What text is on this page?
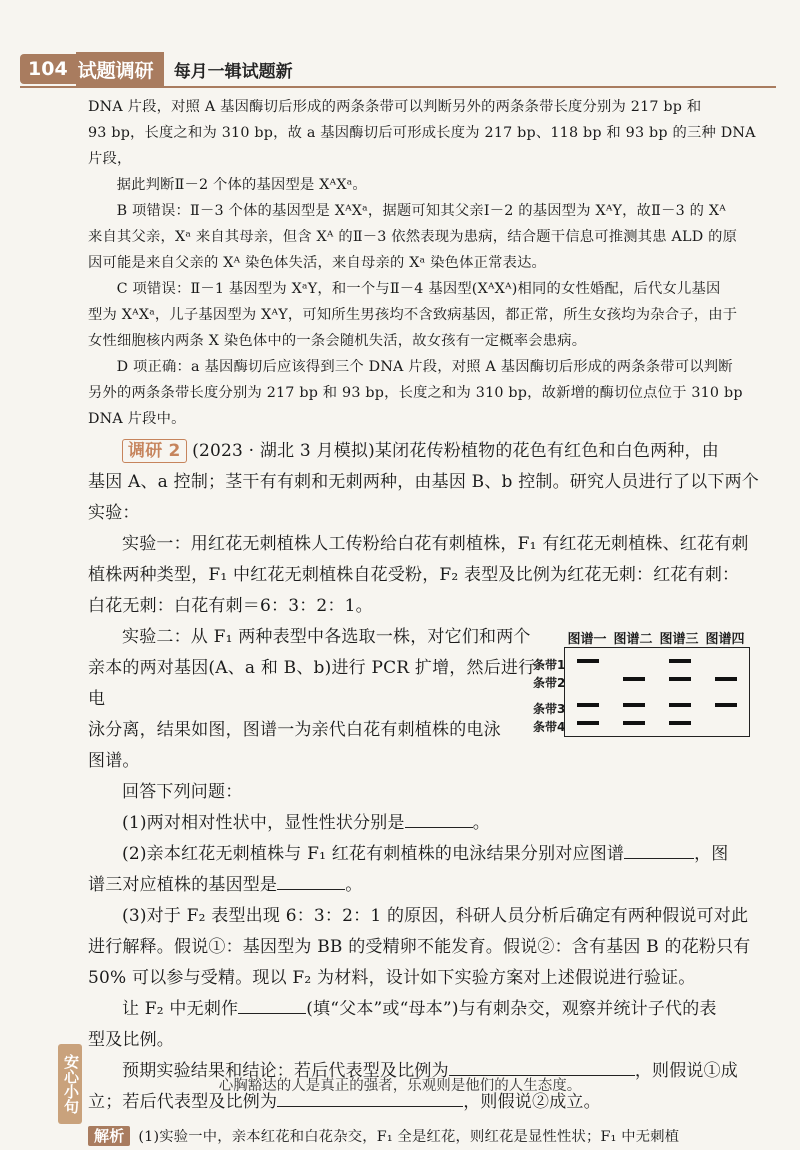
104 试题调研	每月一辑试题新

DNA 片段，对照 A 基因酶切后形成的两条条带可以判断另外的两条条带长度分别为 217 bp 和

93 bp，长度之和为 310 bp，故 a 基因酶切后可形成长度为 217 bp、118 bp 和 93 bp 的三种 DNA 片段，

据此判断Ⅱ－2 个体的基因型是 XᴬXᵃ。

B 项错误：Ⅱ－3 个体的基因型是 XᴬXᵃ，据题可知其父亲Ⅰ－2 的基因型为 XᴬY，故Ⅱ－3 的 Xᴬ

来自其父亲，Xᵃ 来自其母亲，但含 Xᴬ 的Ⅱ－3 依然表现为患病，结合题干信息可推测其患 ALD 的原

因可能是来自父亲的 Xᴬ 染色体失活，来自母亲的 Xᵃ 染色体正常表达。

C 项错误：Ⅱ－1 基因型为 XᵃY，和一个与Ⅱ－4 基因型(XᴬXᴬ)相同的女性婚配，后代女儿基因

型为 XᴬXᵃ，儿子基因型为 XᴬY，可知所生男孩均不含致病基因，都正常，所生女孩均为杂合子，由于

女性细胞核内两条 X 染色体中的一条会随机失活，故女孩有一定概率会患病。

D 项正确：a 基因酶切后应该得到三个 DNA 片段，对照 A 基因酶切后形成的两条条带可以判断

另外的两条条带长度分别为 217 bp 和 93 bp，长度之和为 310 bp，故新增的酶切位点位于 310 bp

DNA 片段中。

调研 2 (2023 · 湖北 3 月模拟)某闭花传粉植物的花色有红色和白色两种，由

基因 A、a 控制；茎干有有刺和无刺两种，由基因 B、b 控制。研究人员进行了以下两个

实验：

实验一：用红花无刺植株人工传粉给白花有刺植株，F₁ 有红花无刺植株、红花有刺

植株两种类型，F₁ 中红花无刺植株自花受粉，F₂ 表型及比例为红花无刺：红花有刺：

白花无刺：白花有刺＝6：3：2：1。

实验二：从 F₁ 两种表型中各选取一株，对它们和两个

亲本的两对基因(A、a 和 B、b)进行 PCR 扩增，然后进行电

泳分离，结果如图，图谱一为亲代白花有刺植株的电泳

图谱。

图谱一 图谱二 图谱三 图谱四
条带1
条带2
条带3
条带4

回答下列问题：

(1)两对相对性状中，显性性状分别是	。

(2)亲本红花无刺植株与 F₁ 红花有刺植株的电泳结果分别对应图谱	，图

谱三对应植株的基因型是	。

(3)对于 F₂ 表型出现 6：3：2：1 的原因，科研人员分析后确定有两种假说可对此

进行解释。假说①：基因型为 BB 的受精卵不能发育。假说②：含有基因 B 的花粉只有

50% 可以参与受精。现以 F₂ 为材料，设计如下实验方案对上述假说进行验证。

让 F₂ 中无刺作	(填“父本”或“母本”)与有刺杂交，观察并统计子代的表

型及比例。

预期实验结果和结论：若后代表型及比例为	，则假说①成

立；若后代表型及比例为	，则假说②成立。

解析 (1)实验一中，亲本红花和白花杂交，F₁ 全是红花，则红花是显性性状；F₁ 中无刺植

安心小句	心胸豁达的人是真正的强者，乐观则是他们的人生态度。
